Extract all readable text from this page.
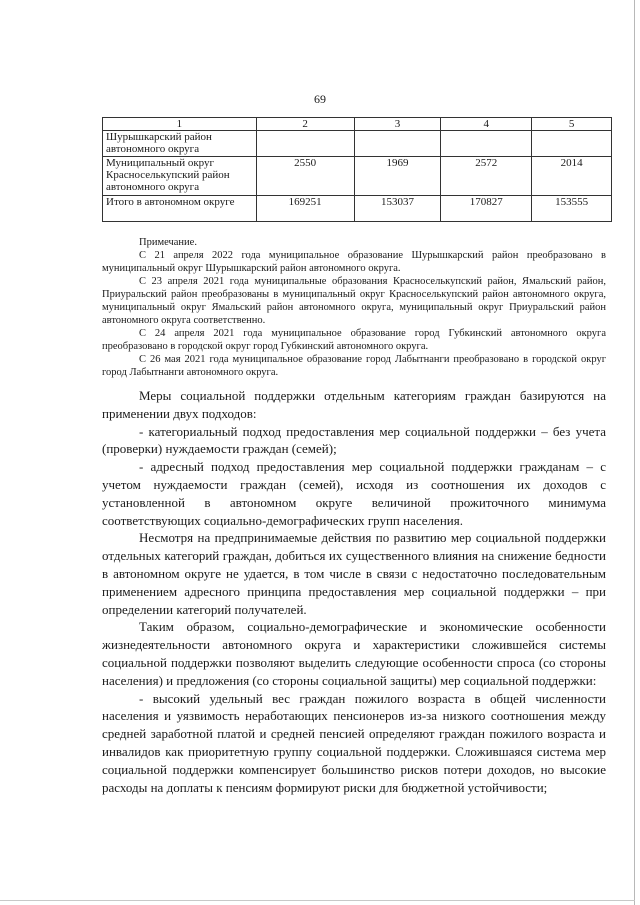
69
1	2	3	4	5
Шурышкарский район автономного округа				
Муниципальный округ Красноселькупский район автономного округа	2550	1969	2572	2014
Итого в автономном округе	169251	153037	170827	153555

Примечание.

С 21 апреля 2022 года муниципальное образование Шурышкарский район преобразовано в муниципальный округ Шурышкарский район автономного округа.

С 23 апреля 2021 года муниципальные образования Красноселькупский район, Ямальский район, Приуральский район преобразованы в муниципальный округ Красноселькупский район автономного округа, муниципальный округ Ямальский район автономного округа, муниципальный округ Приуральский район автономного округа соответственно.

С 24 апреля 2021 года муниципальное образование город Губкинский автономного округа преобразовано в городской округ город Губкинский автономного округа.

С 26 мая 2021 года муниципальное образование город Лабытнанги преобразовано в городской округ город Лабытнанги автономного округа.

Меры социальной поддержки отдельным категориям граждан базируются на применении двух подходов:

- категориальный подход предоставления мер социальной поддержки – без учета (проверки) нуждаемости граждан (семей);

- адресный подход предоставления мер социальной поддержки гражданам – с учетом нуждаемости граждан (семей), исходя из соотношения их доходов с установленной в автономном округе величиной прожиточного минимума соответствующих социально-демографических групп населения.

Несмотря на предпринимаемые действия по развитию мер социальной поддержки отдельных категорий граждан, добиться их существенного влияния на снижение бедности в автономном округе не удается, в том числе в связи с недостаточно последовательным применением адресного принципа предоставления мер социальной поддержки – при определении категорий получателей.

Таким образом, социально-демографические и экономические особенности жизнедеятельности автономного округа и характеристики сложившейся системы социальной поддержки позволяют выделить следующие особенности спроса (со стороны населения) и предложения (со стороны социальной защиты) мер социальной поддержки:

- высокий удельный вес граждан пожилого возраста в общей численности населения и уязвимость неработающих пенсионеров из-за низкого соотношения между средней заработной платой и средней пенсией определяют граждан пожилого возраста и инвалидов как приоритетную группу социальной поддержки. Сложившаяся система мер социальной поддержки компенсирует большинство рисков потери доходов, но высокие расходы на доплаты к пенсиям формируют риски для бюджетной устойчивости;
